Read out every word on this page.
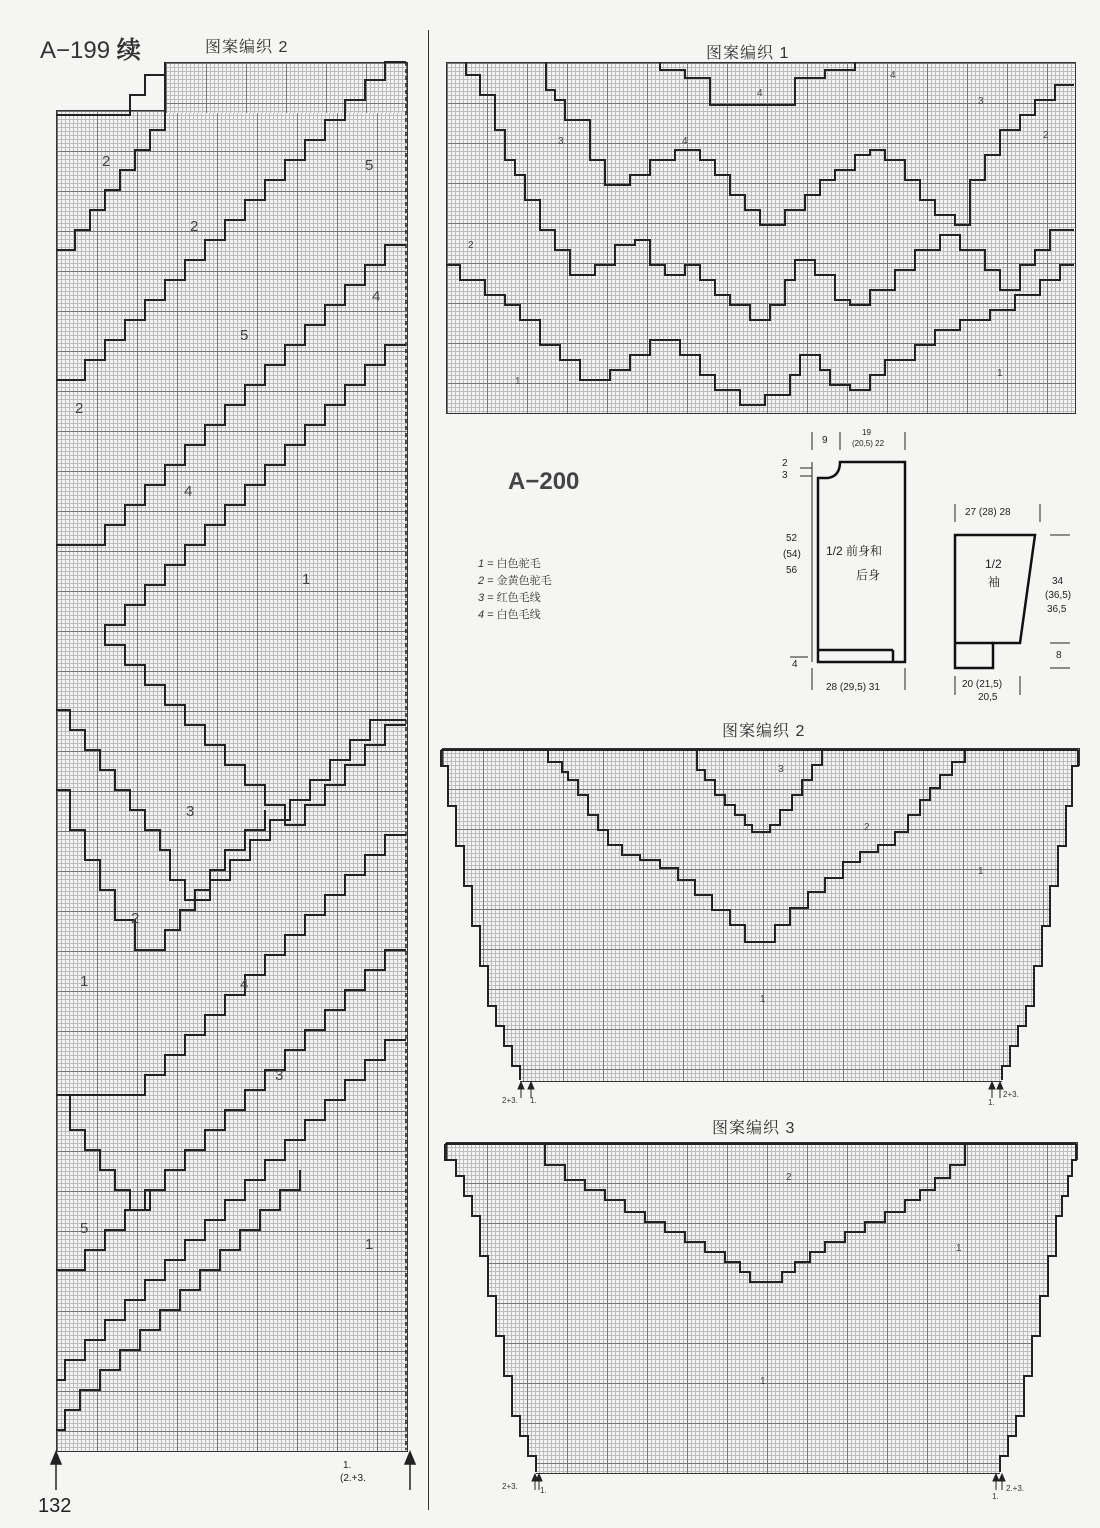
A−199 续	图案编织 2
2	5
2
4
5
2
4
1
3
2
1	4
3
5
1
1.
(2.+3.
132
图案编织 1
4
4
3
3
4
2
2
1
1
A−200
1 = 白色驼毛
2 = 金黄色驼毛
3 = 红色毛线
4 = 白色毛线
9
19
(20,5) 22
2
3
52
(54)
56
1/2 前身和
后身
4
28 (29,5) 31
27 (28) 28
1/2
袖	34
(36,5)
36,5
8
20 (21,5)
20,5
图案编织 2
3
2
1
1
2+3. 1.	1.
2+3.
图案编织 3
2
1
1
2+3.	1.
1.
2.+3.
